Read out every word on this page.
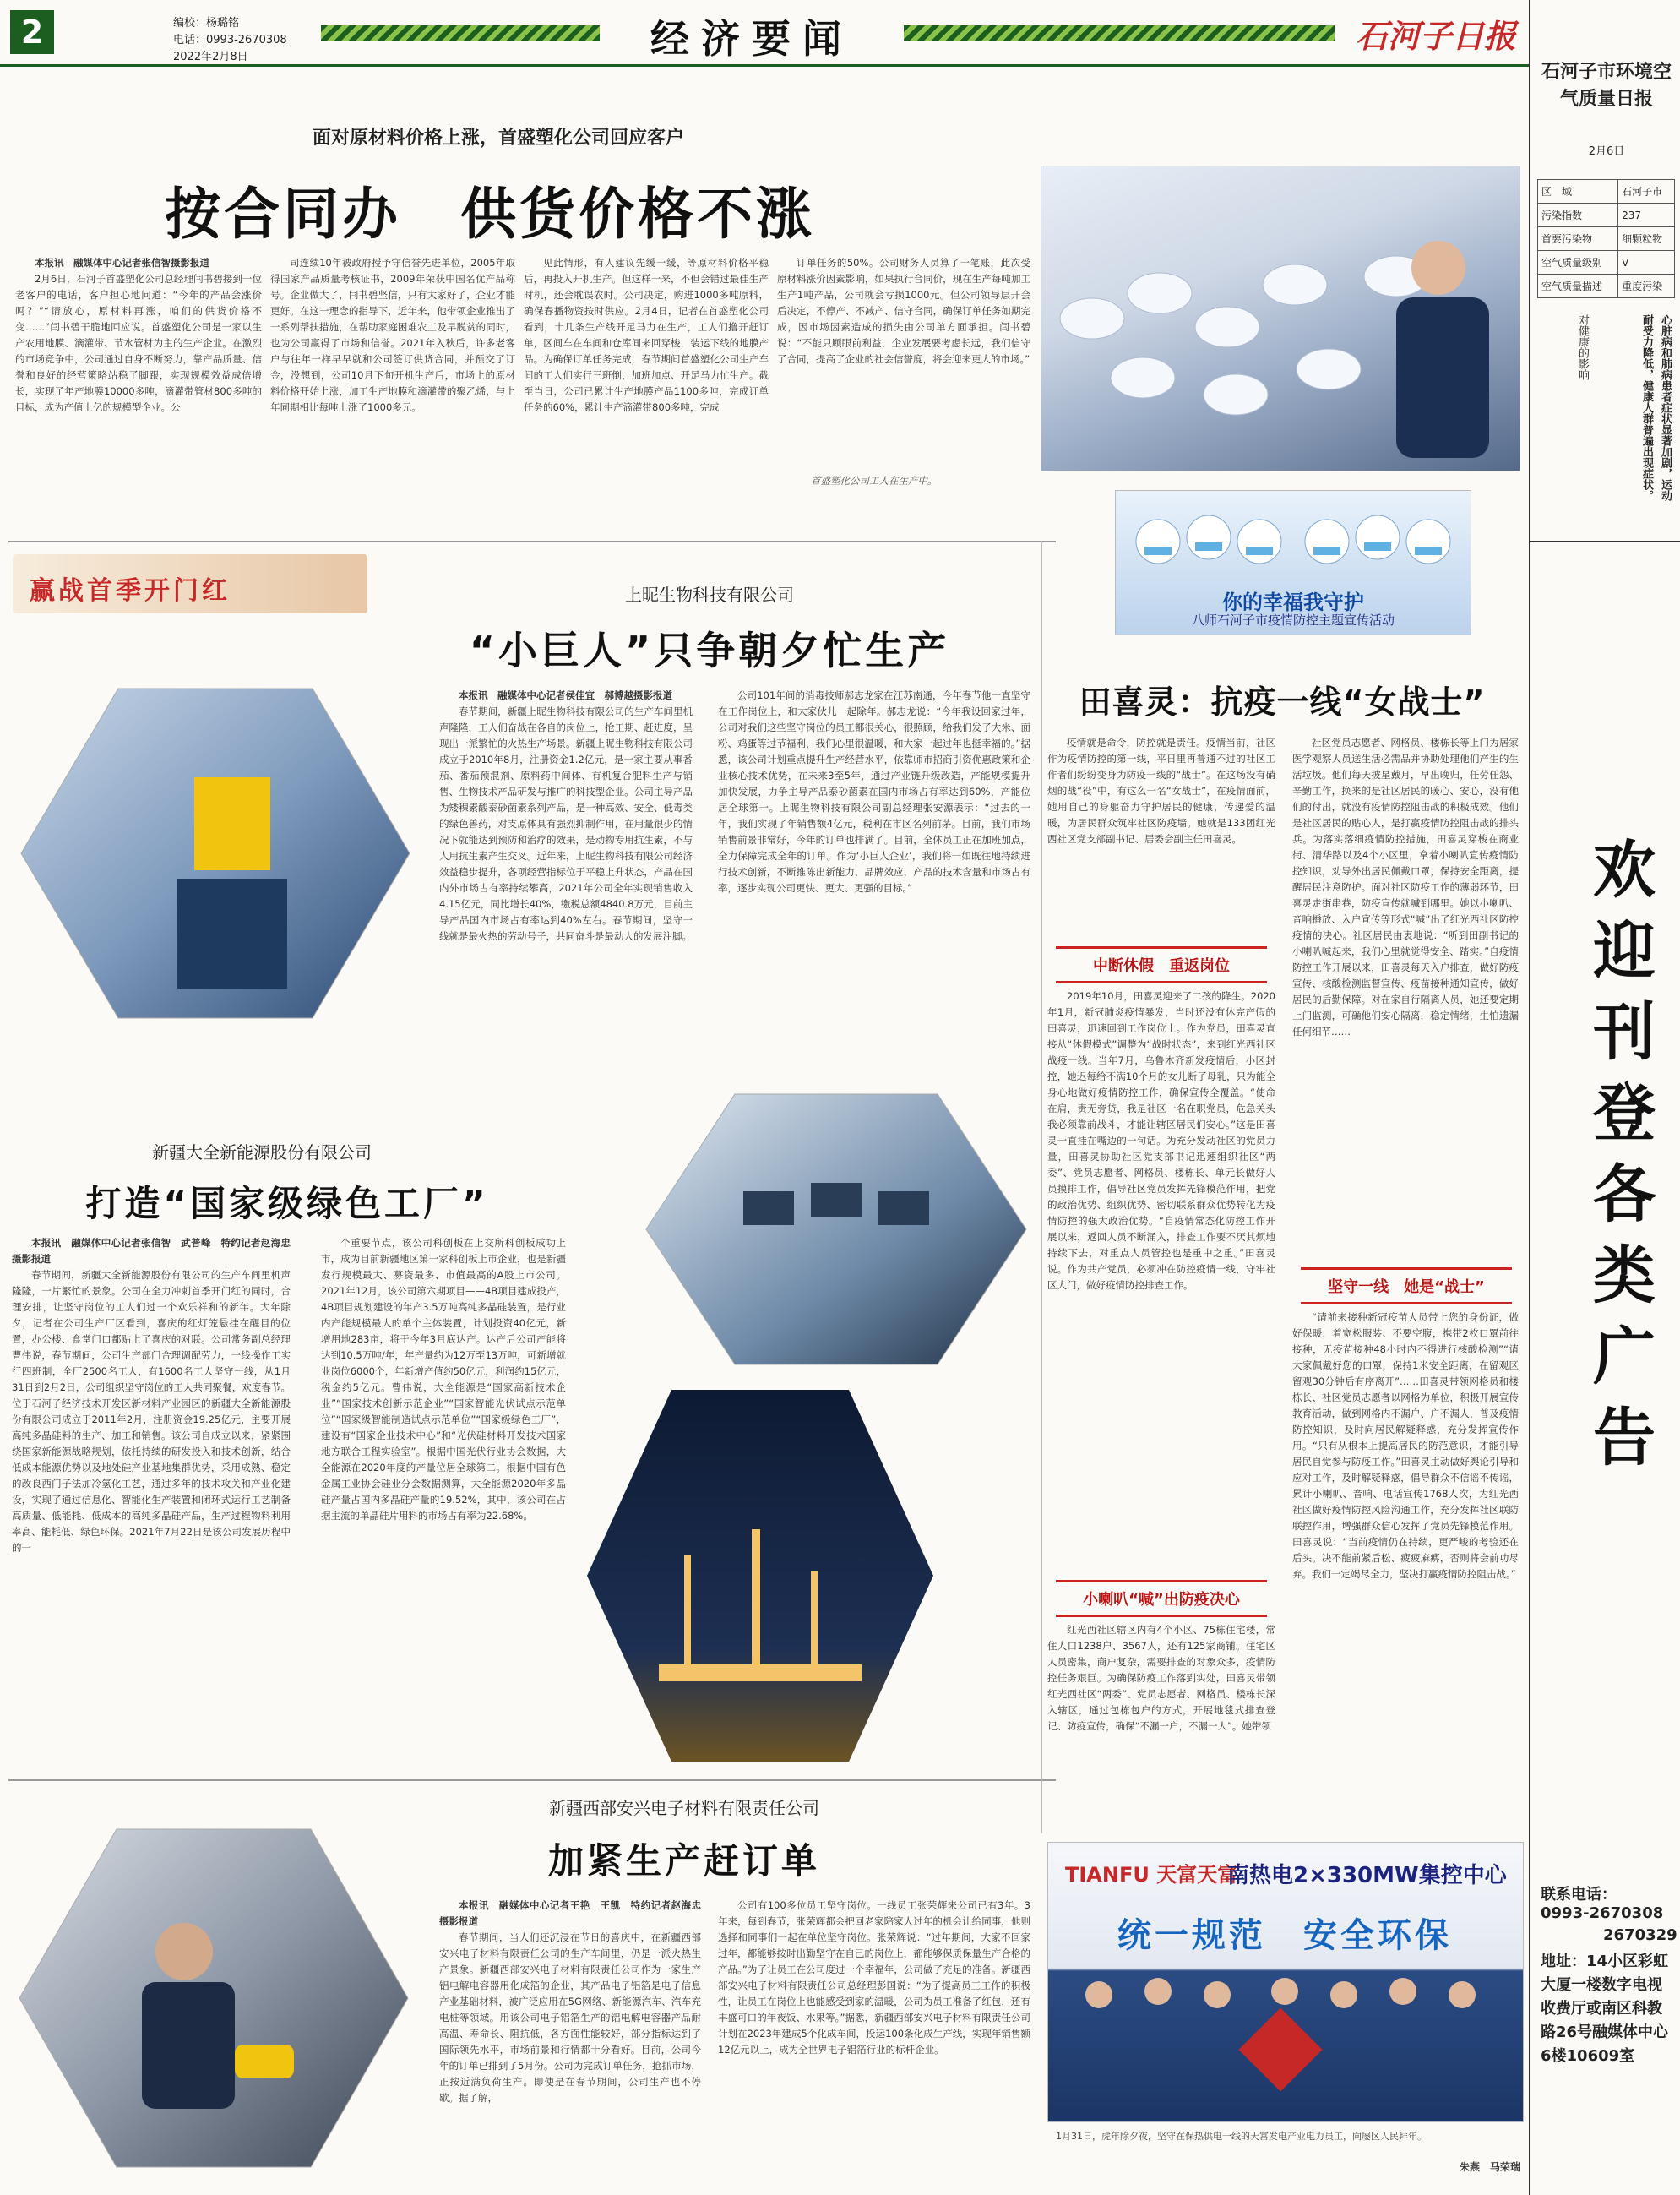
2	编校：杨璐铭
电话：0993-2670308
2022年2月8日	经济要闻	石河子日报
石河子市环境空气质量日报
2月6日
区　域	石河子市
污染指数	237
首要污染物	细颗粒物
空气质量级别	V
空气质量描述	重度污染
对健康的影响	心脏病和肺病患者症状显著加剧，运动耐受力降低，健康人群普遍出现症状。
欢迎刊登各类广告
联系电话：
0993-2670308
2670329
地址：14小区彩虹大厦一楼数字电视收费厅或南区科教路26号融媒体中心6楼10609室
面对原材料价格上涨，首盛塑化公司回应客户
按合同办　供货价格不涨

本报讯　融媒体中心记者张信智摄影报道

2月6日，石河子首盛塑化公司总经理闫书碧接到一位老客户的电话，客户担心地问道：“今年的产品会涨价吗？”“请放心，原材料再涨，咱们的供货价格不变……”闫书碧干脆地回应说。首盛塑化公司是一家以生产农用地膜、滴灌带、节水管材为主的生产企业。在激烈的市场竞争中，公司通过自身不断努力，靠产品质量、信誉和良好的经营策略站稳了脚跟，实现规模效益成倍增长，实现了年产地膜10000多吨，滴灌带管材800多吨的目标，成为产值上亿的规模型企业。公

司连续10年被政府授予守信誉先进单位，2005年取得国家产品质量考核证书，2009年荣获中国名优产品称号。企业做大了，闫书碧坚信，只有大家好了，企业才能更好。在这一理念的指导下，近年来，他带领企业推出了一系列帮扶措施，在帮助家庭困难农工及早脱贫的同时，也为公司赢得了市场和信誉。2021年入秋后，许多老客户与往年一样早早就和公司签订供货合同，并预交了订金，没想到，公司10月下旬开机生产后，市场上的原材料价格开始上涨，加工生产地膜和滴灌带的聚乙烯，与上年同期相比每吨上涨了1000多元。

见此情形，有人建议先缓一缓，等原材料价格平稳后，再投入开机生产。但这样一来，不但会错过最佳生产时机，还会耽误农时。公司决定，购进1000多吨原料，确保春播物资按时供应。2月4日，记者在首盛塑化公司看到，十几条生产线开足马力在生产，工人们撸开赶订单，区间车在车间和仓库间来回穿梭，装运下线的地膜产品。为确保订单任务完成，春节期间首盛塑化公司生产车间的工人们实行三班倒，加班加点、开足马力忙生产。截至当日，公司已累计生产地膜产品1100多吨，完成订单任务的60%，累计生产滴灌带800多吨，完成

订单任务的50%。公司财务人员算了一笔账，此次受原材料涨价因素影响，如果执行合同价，现在生产每吨加工生产1吨产品，公司就会亏损1000元。但公司领导层开会后决定，不停产、不减产、信守合同，确保订单任务如期完成，因市场因素造成的损失由公司单方面承担。闫书碧说：“不能只顾眼前利益，企业发展要考虑长远，我们信守了合同，提高了企业的社会信誉度，将会迎来更大的市场。”

首盛塑化公司工人在生产中。
赢战首季开门红	上昵生物科技有限公司
“小巨人”只争朝夕忙生产

本报讯　融媒体中心记者侯佳宜　郝博越摄影报道

春节期间，新疆上昵生物科技有限公司的生产车间里机声隆隆，工人们奋战在各自的岗位上，抢工期、赶进度，呈现出一派繁忙的火热生产场景。新疆上昵生物科技有限公司成立于2010年8月，注册资金1.2亿元，是一家主要从事番茄、番茄预混剂、原料药中间体、有机复合肥料生产与销售、生物技术产品研发与推广的科技型企业。公司主导产品为矮稞素酸泰砂菌素系列产品，是一种高效、安全、低毒类的绿色兽药，对支原体具有强烈抑制作用，在用量很少的情况下就能达到预防和治疗的效果，是动物专用抗生素，不与人用抗生素产生交叉。近年来，上昵生物科技有限公司经济效益稳步提升，各项经营指标位于平稳上升状态，产品在国内外市场占有率持续攀高，2021年公司全年实现销售收入4.15亿元，同比增长40%，缴税总额4840.8万元，目前主导产品国内市场占有率达到40%左右。春节期间，坚守一线就是最火热的劳动号子，共同奋斗是最动人的发展注脚。

公司101年间的消毒技师郝志龙家在江苏南通，今年春节他一直坚守在工作岗位上，和大家伙儿一起除年。郝志龙说：“今年我设回家过年，公司对我们这些坚守岗位的员工都很关心，很照顾，给我们发了大米、面粉、鸡蛋等过节福利，我们心里很温暖，和大家一起过年也挺幸福的。”据悉，该公司计划重点提升生产经营水平，依靠师市招商引资优惠政策和企业核心技术优势，在未来3至5年，通过产业链升级改造，产能规模提升加快发展，力争主导产品泰砂菌素在国内市场占有率达到60%，产能位居全球第一。上昵生物科技有限公司副总经理张安源表示：“过去的一年，我们实现了年销售额4亿元，税利在市区名列前茅。目前，我们市场销售前景非常好，今年的订单也排满了。目前，全体员工正在加班加点，全力保障完成全年的订单。作为‘小巨人企业’，我们将一如既往地持续进行技术创新，不断推陈出新能力，品牌效应，产品的技术含量和市场占有率，逐步实现公司更快、更大、更强的目标。”

新疆大全新能源股份有限公司
打造“国家级绿色工厂”

本报讯　融媒体中心记者张信智　武普峰　特约记者赵海忠摄影报道

春节期间，新疆大全新能源股份有限公司的生产车间里机声隆隆，一片繁忙的景象。公司在全力冲刺首季开门红的同时，合理安排，让坚守岗位的工人们过一个欢乐祥和的新年。大年除夕，记者在公司生产厂区看到，喜庆的红灯笼悬挂在醒目的位置，办公楼、食堂门口都贴上了喜庆的对联。公司常务副总经理曹伟说，春节期间，公司生产部门合理调配劳力，一线操作工实行四班制，全厂2500名工人，有1600名工人坚守一线，从1月31日到2月2日，公司组织坚守岗位的工人共同聚餐，欢度春节。位于石河子经济技术开发区新材料产业园区的新疆大全新能源股份有限公司成立于2011年2月，注册资金19.25亿元，主要开展高纯多晶硅料的生产、加工和销售。该公司自成立以来，紧紧围绕国家新能源战略规划，依托持续的研发投入和技术创新，结合低成本能源优势以及地处硅产业基地集群优势，采用成熟、稳定的改良西门子法加冷氢化工艺，通过多年的技术攻关和产业化建设，实现了通过信息化、智能化生产装置和闭环式运行工艺制备高质量、低能耗、低成本的高纯多晶硅产品，生产过程物料利用率高、能耗低、绿色环保。2021年7月22日是该公司发展历程中的一

个重要节点，该公司科创板在上交所科创板成功上市，成为目前新疆地区第一家科创板上市企业，也是新疆发行规模最大、募资最多、市值最高的A股上市公司。2021年12月，该公司第六期项目——4B项目建成投产，4B项目规划建设的年产3.5万吨高纯多晶硅装置，是行业内产能规模最大的单个主体装置，计划投资40亿元，新增用地283亩，将于今年3月底达产。达产后公司产能将达到10.5万吨/年，年产量约为12万至13万吨，可新增就业岗位6000个，年新增产值约50亿元，利润约15亿元，税金约5亿元。曹伟说，大全能源是“国家高新技术企业”“国家技术创新示范企业”“国家智能光伏试点示范单位”“国家级智能制造试点示范单位”“国家级绿色工厂”，建设有“国家企业技术中心”和“光伏硅材料开发技术国家地方联合工程实验室”。根据中国光伏行业协会数据，大全能源在2020年度的产量位居全球第二。根据中国有色金属工业协会硅业分会数据测算，大全能源2020年多晶硅产量占国内多晶硅产量的19.52%，其中，该公司在占据主流的单晶硅片用料的市场占有率为22.68%。

新疆西部安兴电子材料有限责任公司
加紧生产赶订单

本报讯　融媒体中心记者王艳　王凯　特约记者赵海忠摄影报道

春节期间，当人们还沉浸在节日的喜庆中，在新疆西部安兴电子材料有限责任公司的生产车间里，仍是一派火热生产景象。新疆西部安兴电子材料有限责任公司作为一家生产铝电解电容器用化成箔的企业，其产品电子铝箔是电子信息产业基础材料，被广泛应用在5G网络、新能源汽车、汽车充电桩等领域。用该公司电子铝箔生产的铝电解电容器产品耐高温、寿命长、阻抗低，各方面性能较好，部分指标达到了国际领先水平，市场前景和行情都十分看好。目前，公司今年的订单已排到了5月份。公司为完成订单任务，抢抓市场，正按近满负荷生产。即使是在春节期间，公司生产也不停歇。据了解，

公司有100多位员工坚守岗位。一线员工张荣辉来公司已有3年。3年来，每到春节，张荣辉都会把回老家陪家人过年的机会让给同事，他则选择和同事们一起在单位坚守岗位。张荣辉说：“过年期间，大家不回家过年，都能够按时出勤坚守在自己的岗位上，都能够保质保量生产合格的产品。”为了让员工在公司度过一个幸福年，公司做了充足的准备。新疆西部安兴电子材料有限责任公司总经理彭国说：“为了提高员工工作的积极性，让员工在岗位上也能感受到家的温暖，公司为员工准备了红包，还有丰盛可口的年夜饭、水果等。”据悉，新疆西部安兴电子材料有限责任公司计划在2023年建成5个化成车间，投运100条化成生产线，实现年销售额12亿元以上，成为全世界电子铝箔行业的标杆企业。

你的幸福我守护
八师石河子市疫情防控主题宣传活动
田喜灵：抗疫一线“女战士”

疫情就是命令，防控就是责任。疫情当前，社区作为疫情防控的第一线，平日里再普通不过的社区工作者们纷纷变身为防疫一线的“战士”。在这场没有硝烟的战“役”中，有这么一名“女战士”，在疫情面前，她用自己的身躯奋力守护居民的健康，传递爱的温暖，为居民群众筑牢社区防疫墙。她就是133团红光西社区党支部副书记、居委会副主任田喜灵。

中断休假　重返岗位

2019年10月，田喜灵迎来了二孩的降生。2020年1月，新冠肺炎疫情暴发，当时还没有休完产假的田喜灵，迅速回到工作岗位上。作为党员，田喜灵直接从“休假模式”调整为“战时状态”，来到红光西社区战疫一线。当年7月，乌鲁木齐新发疫情后，小区封控，她迟每给不满10个月的女儿断了母乳，只为能全身心地做好疫情防控工作，确保宣传全覆盖。“使命在肩，责无旁贷，我是社区一名在职党员，危急关头我必须靠前战斗，才能让辖区居民们安心。”这是田喜灵一直挂在嘴边的一句话。为充分发动社区的党员力量，田喜灵协助社区党支部书记迅速组织社区“两委”、党员志愿者、网格员、楼栋长、单元长做好人员摸排工作，倡导社区党员发挥先锋模范作用，把党的政治优势、组织优势、密切联系群众优势转化为疫情防控的强大政治优势。“自疫情常态化防控工作开展以来，返回人员不断涌入，排查工作要不厌其烦地持续下去，对重点人员管控也是重中之重。”田喜灵说。作为共产党员，必须冲在防控疫情一线，守牢社区大门，做好疫情防控排查工作。

小喇叭“喊”出防疫决心

红光西社区辖区内有4个小区、75栋住宅楼，常住人口1238户、3567人，还有125家商铺。住宅区人员密集，商户复杂，需要排查的对象众多，疫情防控任务艰巨。为确保防疫工作落到实处，田喜灵带领红光西社区“两委”、党员志愿者、网格员、楼栋长深入辖区，通过包栋包户的方式，开展地毯式排查登记、防疫宣传，确保“不漏一户，不漏一人”。她带领

社区党员志愿者、网格员、楼栋长等上门为居家医学观察人员送生活必需品并协助处理他们产生的生活垃圾。他们每天披星戴月，早出晚归，任劳任怨、辛勤工作，换来的是社区居民的暖心、安心，没有他们的付出，就没有疫情防控阻击战的积极成效。他们是社区居民的贴心人，是打赢疫情防控阻击战的排头兵。为落实落细疫情防控措施，田喜灵穿梭在商业街、清华路以及4个小区里，拿着小喇叭宣传疫情防控知识，劝导外出居民佩戴口罩，保持安全距离，提醒居民注意防护。面对社区防疫工作的薄弱环节，田喜灵走街串巷，防疫宣传就喊到哪里。她以小喇叭、音响播放、入户宣传等形式“喊”出了红光西社区防控疫情的决心。社区居民由衷地说：“听到田副书记的小喇叭喊起来，我们心里就觉得安全、踏实。”自疫情防控工作开展以来，田喜灵每天入户排查，做好防疫宣传、核酸检测监督宣传、疫苗接种通知宣传，做好居民的后勤保障。对在家自行隔离人员，她还要定期上门监测，可确他们安心隔离，稳定情绪，生怕遗漏任何细节……

坚守一线　她是“战士”

“请前来接种新冠疫苗人员带上您的身份证，做好保暖，着宽松服装、不要空腹，携带2枚口罩前往接种，无疫苗接种48小时内不得进行核酸检测”“请大家佩戴好您的口罩，保持1米安全距离，在留观区留观30分钟后有序离开”……田喜灵带领网格员和楼栋长、社区党员志愿者以网格为单位，积极开展宣传教育活动，做到网格内不漏户、户不漏人，普及疫情防控知识，及时向居民解疑释惑，充分发挥宣传作用。“只有从根本上提高居民的防范意识，才能引导居民自觉参与防疫工作。”田喜灵主动做好舆论引导和应对工作，及时解疑释惑，倡导群众不信谣不传谣，累计小喇叭、音响、电话宣传1768人次，为红光西社区做好疫情防控风险沟通工作，充分发挥社区联防联控作用，增强群众信心发挥了党员先锋模范作用。田喜灵说：“当前疫情仍在持续，更严峻的考验还在后头。决不能前紧后松、疲疲麻痹，否则将会前功尽弃。我们一定竭尽全力，坚决打赢疫情防控阻击战。”

TIANFU 天富天富
南热电2×330MW集控中心
统一规范　安全环保
1月31日，虎年除夕夜，坚守在保热供电一线的天富发电产业电力员工，向屡区人民拜年。
朱燕　马荣瑞
